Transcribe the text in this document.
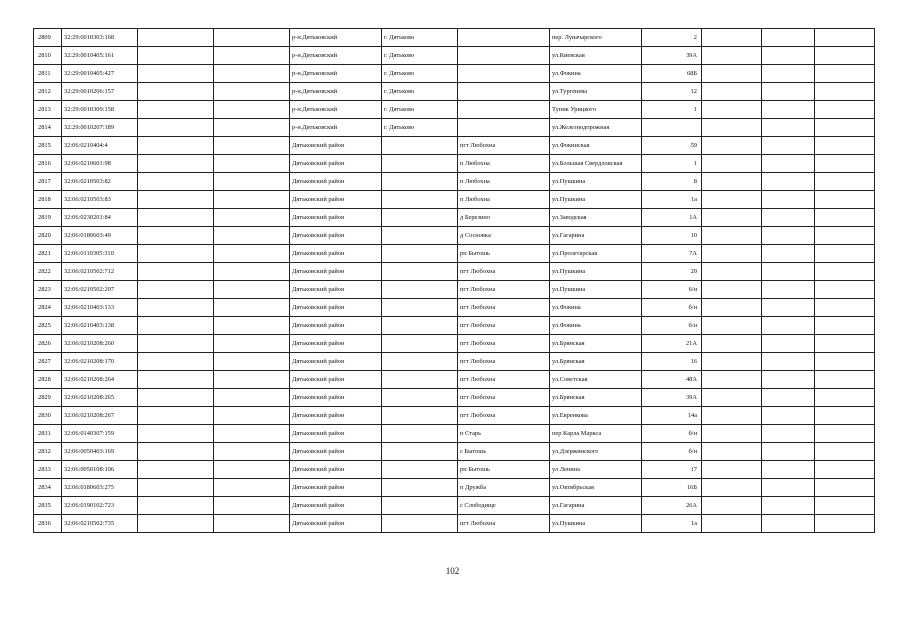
2809	32:29:0010303:168			р-н.Дятьковский	г. Дятьково		пер. Луначарского	2			
2810	32:29:0010405:161			р-н.Дятьковский	г. Дятьково		ул.Киевская	39А			
2811	32:29:0010405:427			р-н.Дятьковский	г. Дятьково		ул.Фокина	68Б			
2812	32:29:0010206:157			р-н.Дятьковский	г. Дятьково		ул.Тургенева	12			
2813	32:29:0010309:158			р-н.Дятьковский	г. Дятьково		Тупик Урицкого	1			
2814	32:29:0010207:189			р-н.Дятьковский	г. Дятьково		ул.Железнодорожная				
2815	32:06:0210404:4			Дятьковский район		пгт Любохна	ул.Фокинская	59			
2816	32:06:0210601:98			Дятьковский район		п Любохна	ул.Большая Свердловская	1			
2817	32:06:0210503:82			Дятьковский район		п Любохна	ул.Пушкина	8			
2818	32:06:0210503:83			Дятьковский район		п Любохна	ул.Пушкина	1а			
2819	32:06:0230201:84			Дятьковский район		д Березино	ул.Заводская	1А			
2820	32:06:0180603:49			Дятьковский район		д Сосновка	ул.Гагарина	10			
2821	32:06:0110305:310			Дятьковский район		рп Бытошь	ул.Пролетарская	7А			
2822	32:06:0210502:712			Дятьковский район		пгт Любохна	ул.Пушкина	20			
2823	32:06:0210502:207			Дятьковский район		пгт Любохна	ул.Пушкина	6/н			
2824	32:06:0210403:133			Дятьковский район		пгт Любохна	ул.Фокина	б/н			
2825	32:06:0210403:138			Дятьковский район		пгт Любохна	ул.Фокина	б/н			
2826	32:06:0210208:260			Дятьковский район		пгт Любохна	ул.Брянская	21А			
2827	32:06:0210208:170			Дятьковский район		пгт Любохна	ул.Брянская	16			
2828	32:06:0210208:264			Дятьковский район		пгт Любохна	ул.Советская	48А			
2829	32:06:0210208:265			Дятьковский район		пгт Любохна	ул.Брянская	39А			
2830	32:06:0210208:267			Дятьковский район		пгт Любохна	ул.Евренкова	14а			
2831	32:06:0140307:159			Дятьковский район		п Старь	пер Карла Маркса	б/н			
2832	32:06:0050403:169			Дятьковский район		с Бытошь	ул.Дзержинского	б/н			
2833	32:06:0050108:106			Дятьковский район		рп Бытошь	ул Ленина	17			
2834	32:06:0180603:275			Дятьковский район		п Дружба	ул.Октябрьская	16Б			
2835	32:06:0190102:723			Дятьковский район		с Слободище	ул.Гагарина	26А			
2836	32:06:0210502:735			Дятьковский район		пгт Любохна	ул.Пушкина	1а			
102
